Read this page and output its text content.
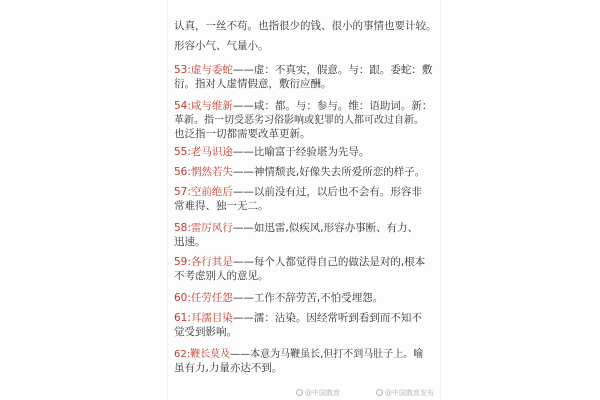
认真，一丝不苟。也指很少的钱、很小的事情也要计较。
形容小气、气量小。
53:虚与委蛇——虚：不真实，假意。与：跟。委蛇：敷
衍。指对人虚情假意，敷衍应酬。
54:咸与维新——咸：都。与：参与。维：语助词。新：
革新。指一切受恶劣习俗影响或犯罪的人都可改过自新。
也泛指一切都需要改革更新。
55:老马识途——比喻富于经验堪为先导。
56:惘然若失——神情颓丧,好像失去所爱所恋的样子。
57:空前绝后——以前没有过，以后也不会有。形容非
常难得、独一无二。
58:雷厉风行——如迅雷,似疾风,形容办事断、有力、
迅速。
59:各行其是——每个人都觉得自己的做法是对的,根本
不考虑别人的意见。
60:任劳任怨——工作不辞劳苦,不怕受埋怨。
61:耳濡目染——濡：沾染。因经常听到看到而不知不
觉受到影响。
62:鞭长莫及——本意为马鞭虽长,但打不到马肚子上。喻
虽有力,力量亦达不到。
@中国教育	@中国教育发布
